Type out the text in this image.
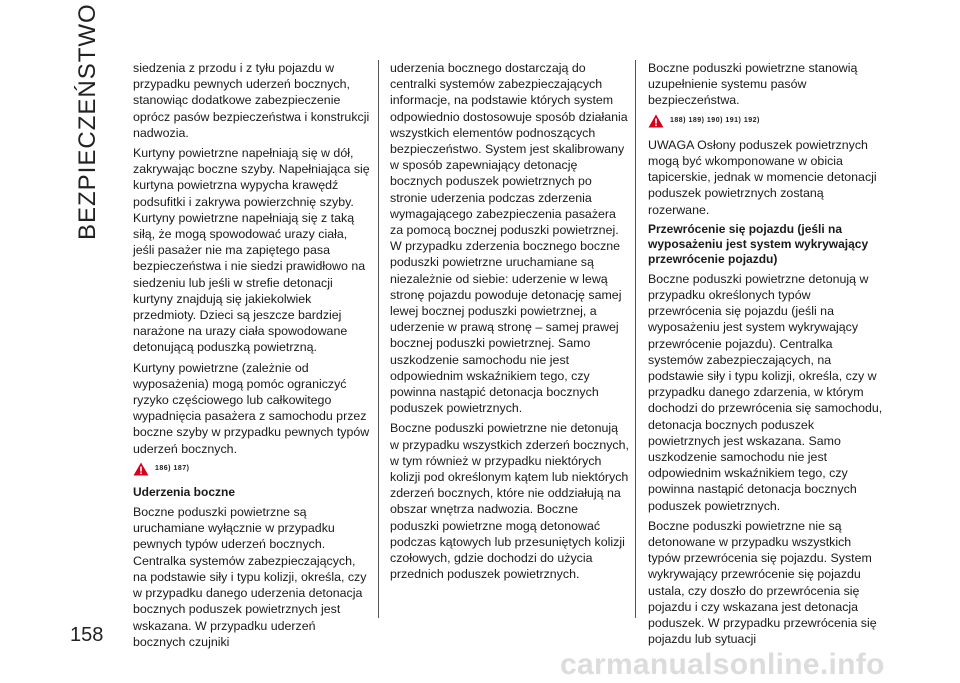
BEZPIECZEŃSTWO
158

siedzenia z przodu i z tyłu pojazdu w przypadku pewnych uderzeń bocznych, stanowiąc dodatkowe zabezpieczenie oprócz pasów bezpieczeństwa i konstrukcji nadwozia.

Kurtyny powietrzne napełniają się w dół, zakrywając boczne szyby. Napełniająca się kurtyna powietrzna wypycha krawędź podsufitki i zakrywa powierzchnię szyby. Kurtyny powietrzne napełniają się z taką siłą, że mogą spowodować urazy ciała, jeśli pasażer nie ma zapiętego pasa bezpieczeństwa i nie siedzi prawidłowo na siedzeniu lub jeśli w strefie detonacji kurtyny znajdują się jakiekolwiek przedmioty. Dzieci są jeszcze bardziej narażone na urazy ciała spowodowane detonującą poduszką powietrzną.

Kurtyny powietrzne (zależnie od wyposażenia) mogą pomóc ograniczyć ryzyko częściowego lub całkowitego wypadnięcia pasażera z samochodu przez boczne szyby w przypadku pewnych typów uderzeń bocznych.

186) 187)
Uderzenia boczne

Boczne poduszki powietrzne są uruchamiane wyłącznie w przypadku pewnych typów uderzeń bocznych. Centralka systemów zabezpieczających, na podstawie siły i typu kolizji, określa, czy w przypadku danego uderzenia detonacja bocznych poduszek powietrznych jest wskazana. W przypadku uderzeń bocznych czujniki

uderzenia bocznego dostarczają do centralki systemów zabezpieczających informacje, na podstawie których system odpowiednio dostosowuje sposób działania wszystkich elementów podnoszących bezpieczeństwo. System jest skalibrowany w sposób zapewniający detonację bocznych poduszek powietrznych po stronie uderzenia podczas zderzenia wymagającego zabezpieczenia pasażera za pomocą bocznej poduszki powietrznej. W przypadku zderzenia bocznego boczne poduszki powietrzne uruchamiane są niezależnie od siebie: uderzenie w lewą stronę pojazdu powoduje detonację samej lewej bocznej poduszki powietrznej, a uderzenie w prawą stronę – samej prawej bocznej poduszki powietrznej. Samo uszkodzenie samochodu nie jest odpowiednim wskaźnikiem tego, czy powinna nastąpić detonacja bocznych poduszek powietrznych.

Boczne poduszki powietrzne nie detonują w przypadku wszystkich zderzeń bocznych, w tym również w przypadku niektórych kolizji pod określonym kątem lub niektórych zderzeń bocznych, które nie oddziałują na obszar wnętrza nadwozia. Boczne poduszki powietrzne mogą detonować podczas kątowych lub przesuniętych kolizji czołowych, gdzie dochodzi do użycia przednich poduszek powietrznych.

Boczne poduszki powietrzne stanowią uzupełnienie systemu pasów bezpieczeństwa.

188) 189) 190) 191) 192)

UWAGA Osłony poduszek powietrznych mogą być wkomponowane w obicia tapicerskie, jednak w momencie detonacji poduszek powietrznych zostaną rozerwane.

Przewrócenie się pojazdu (jeśli na wyposażeniu jest system wykrywający przewrócenie pojazdu)

Boczne poduszki powietrzne detonują w przypadku określonych typów przewrócenia się pojazdu (jeśli na wyposażeniu jest system wykrywający przewrócenie pojazdu). Centralka systemów zabezpieczających, na podstawie siły i typu kolizji, określa, czy w przypadku danego zdarzenia, w którym dochodzi do przewrócenia się samochodu, detonacja bocznych poduszek powietrznych jest wskazana. Samo uszkodzenie samochodu nie jest odpowiednim wskaźnikiem tego, czy powinna nastąpić detonacja bocznych poduszek powietrznych.

Boczne poduszki powietrzne nie są detonowane w przypadku wszystkich typów przewrócenia się pojazdu. System wykrywający przewrócenie się pojazdu ustala, czy doszło do przewrócenia się pojazdu i czy wskazana jest detonacja poduszek. W przypadku przewrócenia się pojazdu lub sytuacji

carmanualsonline.info
